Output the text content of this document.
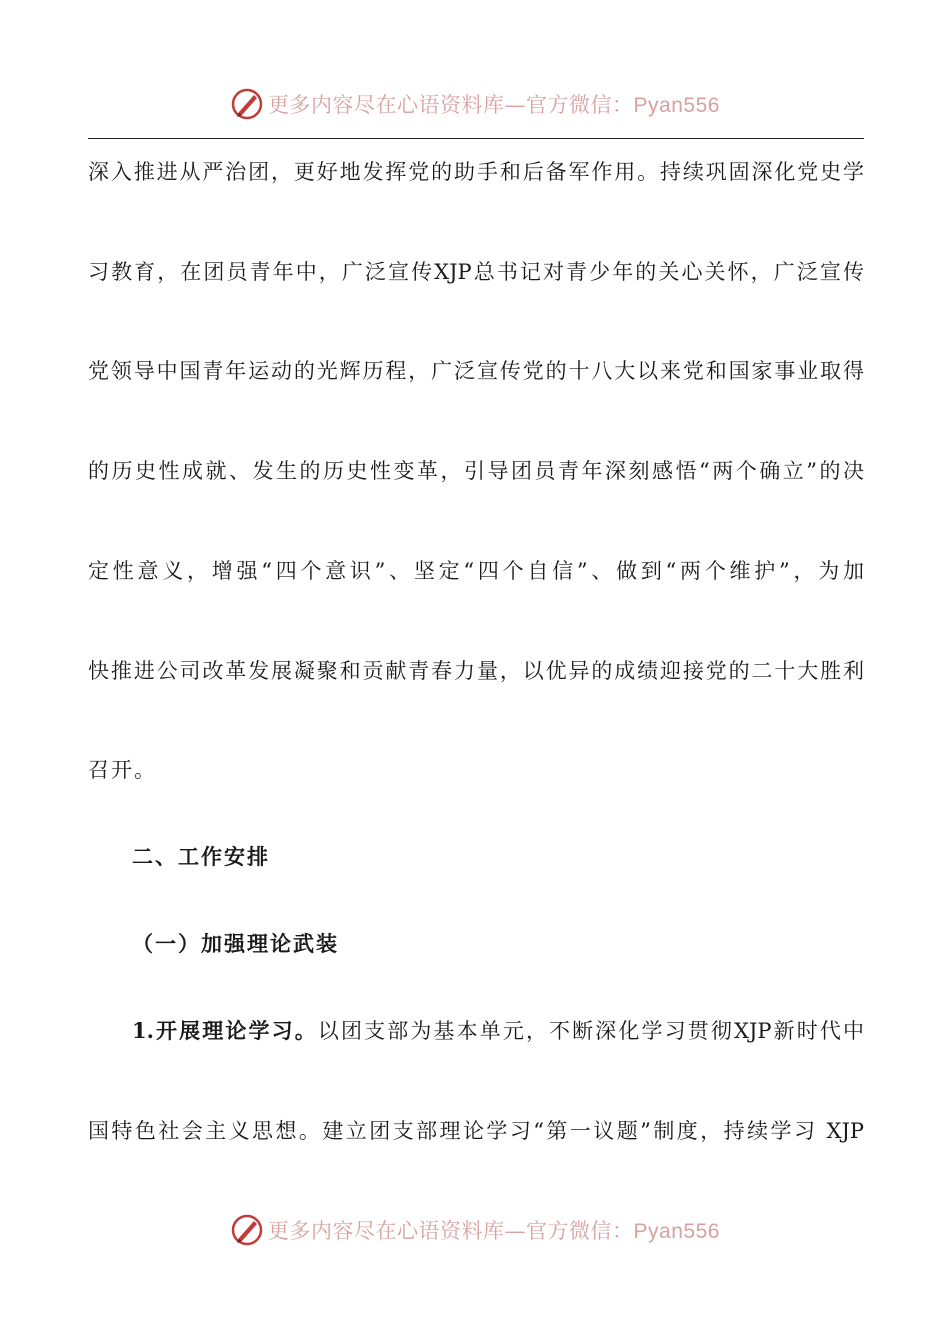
更多内容尽在心语资料库—官方微信：Pyan556
深入推进从严治团，更好地发挥党的助手和后备军作用。持续巩固深化党史学
习教育，在团员青年中，广泛宣传XJP总书记对青少年的关心关怀，广泛宣传
党领导中国青年运动的光辉历程，广泛宣传党的十八大以来党和国家事业取得
的历史性成就、发生的历史性变革，引导团员青年深刻感悟“两个确立”的决
定性意义，增强“四个意识”、坚定“四个自信”、做到“两个维护”，为加
快推进公司改革发展凝聚和贡献青春力量，以优异的成绩迎接党的二十大胜利
召开。
二、工作安排
（一）加强理论武装
1.开展理论学习。以团支部为基本单元，不断深化学习贯彻XJP新时代中
国特色社会主义思想。建立团支部理论学习“第一议题”制度，持续学习 XJP
更多内容尽在心语资料库—官方微信：Pyan556
